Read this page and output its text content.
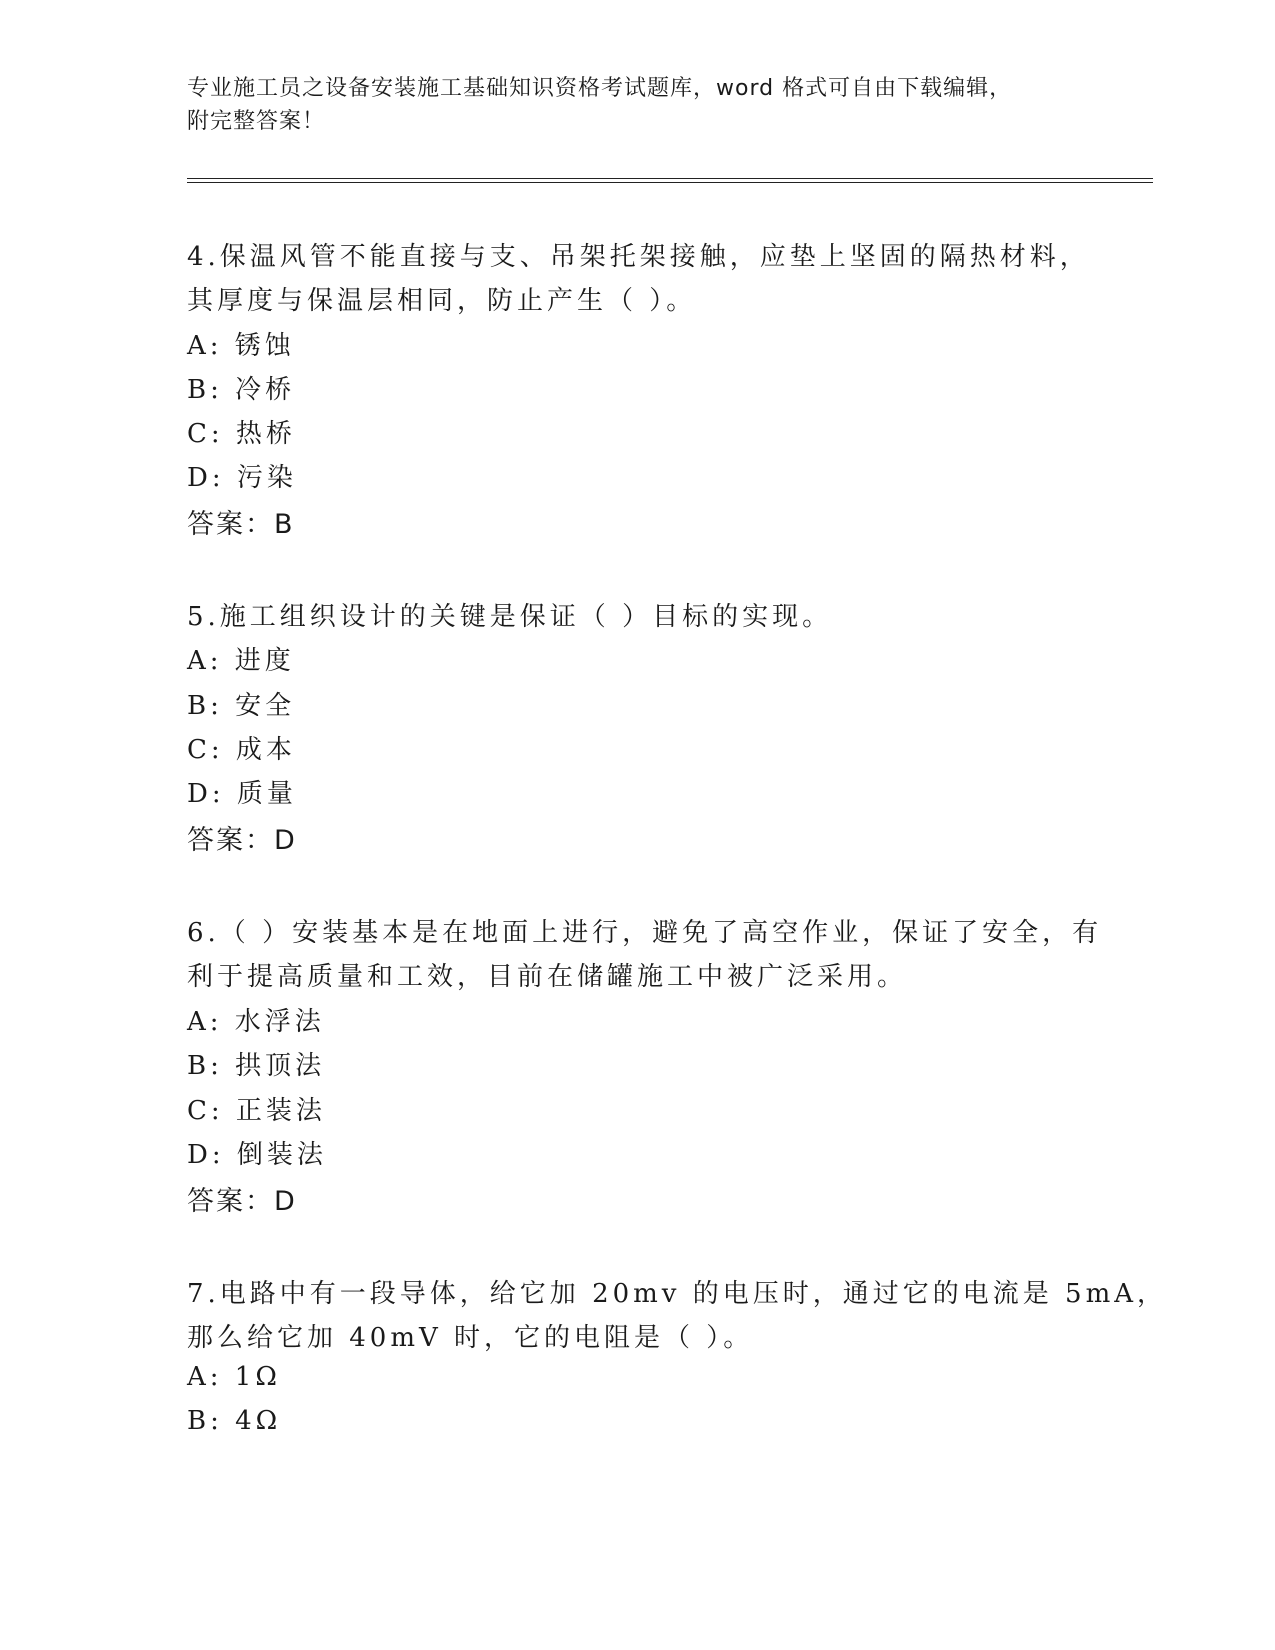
专业施工员之设备安装施工基础知识资格考试题库，word 格式可自由下载编辑，
附完整答案！
4.保温风管不能直接与支、吊架托架接触，应垫上坚固的隔热材料，
其厚度与保温层相同，防止产生（ ）。
A: 锈蚀
B: 冷桥
C: 热桥
D: 污染
答案：B
5.施工组织设计的关键是保证（ ）目标的实现。
A: 进度
B: 安全
C: 成本
D: 质量
答案：D
6.（ ）安装基本是在地面上进行，避免了高空作业，保证了安全，有
利于提高质量和工效，目前在储罐施工中被广泛采用。
A: 水浮法
B: 拱顶法
C: 正装法
D: 倒装法
答案：D
7.电路中有一段导体，给它加 20mv 的电压时，通过它的电流是 5mA，
那么给它加 40mV 时，它的电阻是（ ）。
A: 1Ω
B: 4Ω
